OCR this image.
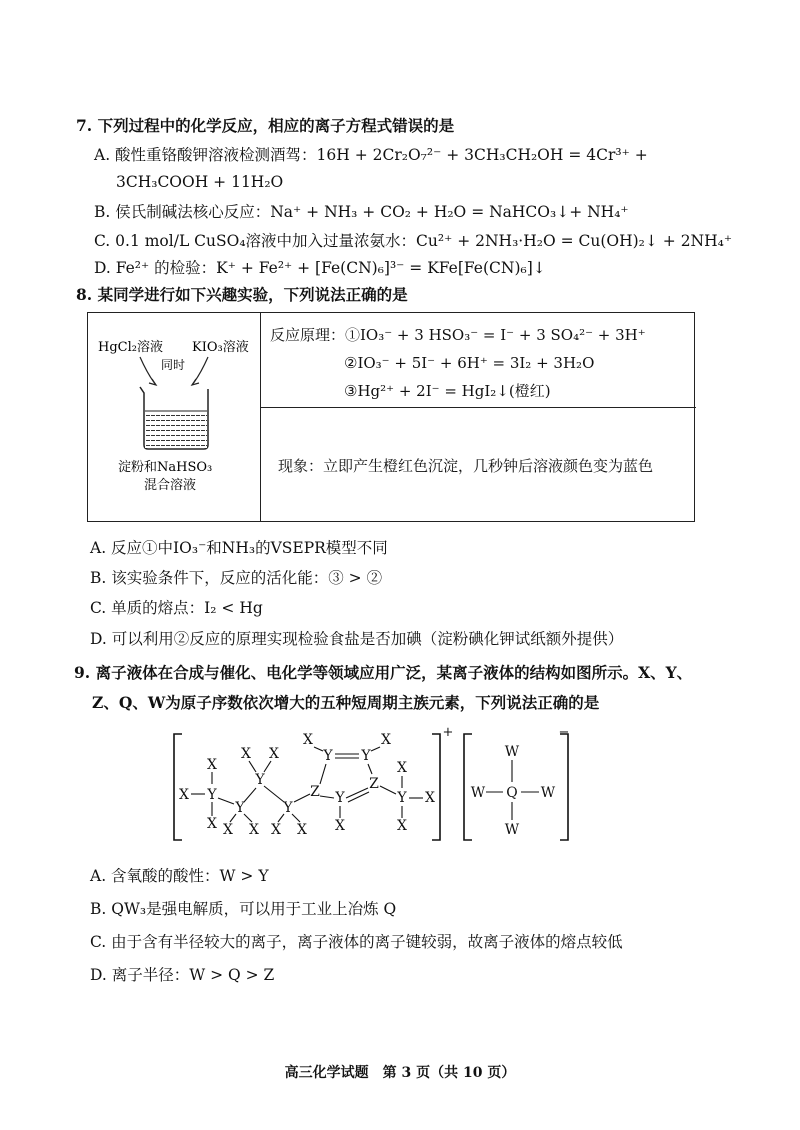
7. 下列过程中的化学反应，相应的离子方程式错误的是
A. 酸性重铬酸钾溶液检测酒驾：16H + 2Cr₂O₇²⁻ + 3CH₃CH₂OH = 4Cr³⁺ +
3CH₃COOH + 11H₂O
B. 侯氏制碱法核心反应：Na⁺ + NH₃ + CO₂ + H₂O = NaHCO₃↓+ NH₄⁺
C. 0.1 mol/L CuSO₄溶液中加入过量浓氨水：Cu²⁺ + 2NH₃·H₂O = Cu(OH)₂↓ + 2NH₄⁺
D. Fe²⁺ 的检验：K⁺ + Fe²⁺ + [Fe(CN)₆]³⁻ = KFe[Fe(CN)₆]↓
8. 某同学进行如下兴趣实验，下列说法正确的是
HgCl₂溶液 KIO₃溶液
同时
淀粉和NaHSO₃
混合溶液
反应原理：①IO₃⁻ + 3 HSO₃⁻ = I⁻ + 3 SO₄²⁻ + 3H⁺
②IO₃⁻ + 5I⁻ + 6H⁺ = 3I₂ + 3H₂O
③Hg²⁺ + 2I⁻ = HgI₂↓(橙红)
现象：立即产生橙红色沉淀，几秒钟后溶液颜色变为蓝色
A. 反应①中IO₃⁻和NH₃的VSEPR模型不同
B. 该实验条件下，反应的活化能：③ > ②
C. 单质的熔点：I₂ < Hg
D. 可以利用②反应的原理实现检验食盐是否加碘（淀粉碘化钾试纸额外提供）
9. 离子液体在合成与催化、电化学等领域应用广泛，某离子液体的结构如图所示。X、Y、
Z、Q、W为原子序数依次增大的五种短周期主族元素，下列说法正确的是
+	−
Y
X
X
X
Y
X X
Y
X X
Y
X X
Z
Y
X
Y
X
Z
Y
X
Y
X
X
X	Q
W
W
W	W
A. 含氧酸的酸性：W > Y
B. QW₃是强电解质，可以用于工业上冶炼 Q
C. 由于含有半径较大的离子，离子液体的离子键较弱，故离子液体的熔点较低
D. 离子半径：W > Q > Z
高三化学试题　第 3 页（共 10 页）
